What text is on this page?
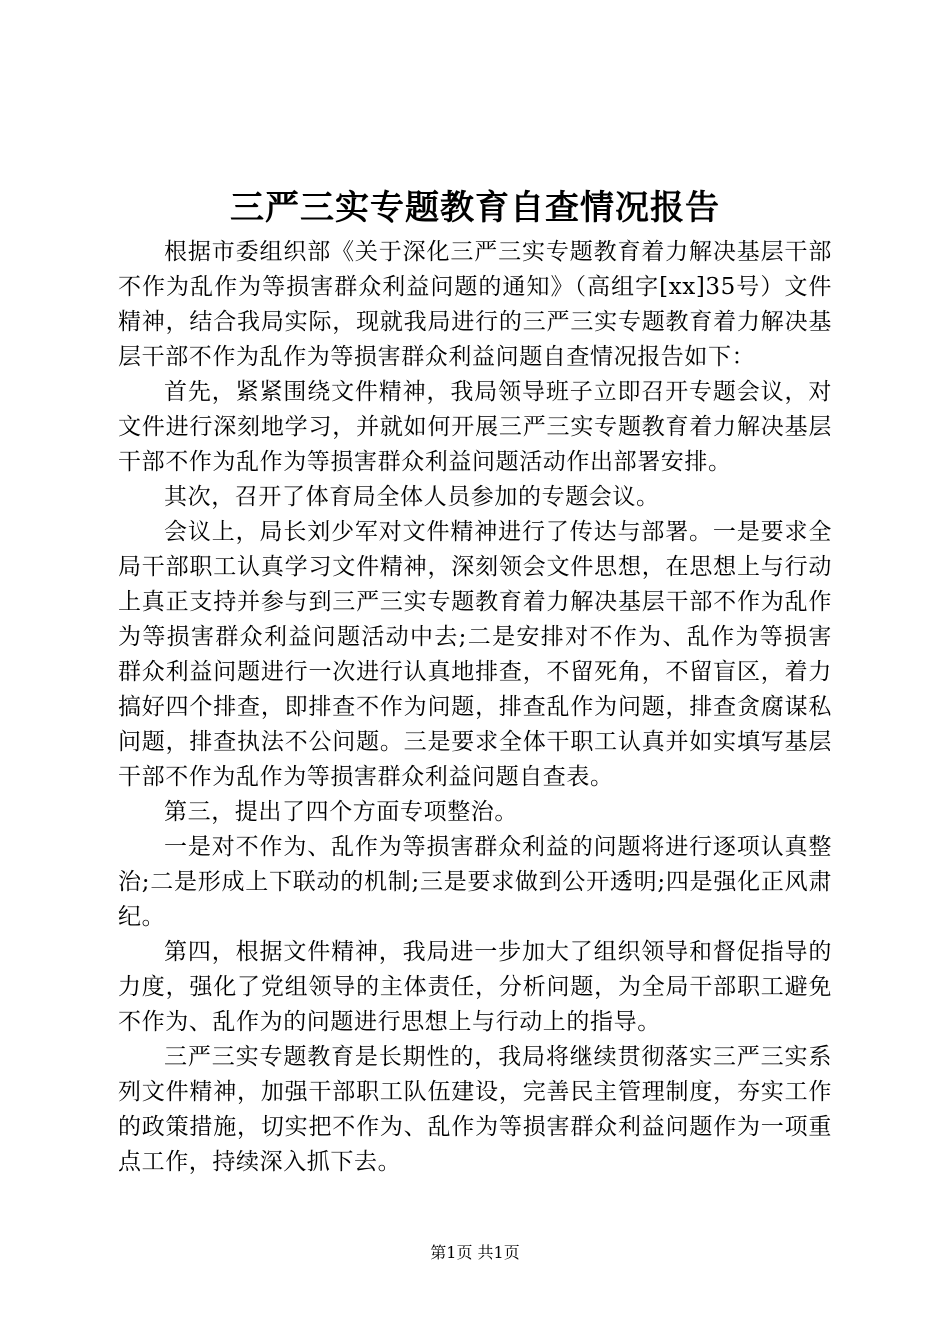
三严三实专题教育自查情况报告

根据市委组织部《关于深化三严三实专题教育着力解决基层干部不作为乱作为等损害群众利益问题的通知》（高组字[xx]35号）文件精神，结合我局实际，现就我局进行的三严三实专题教育着力解决基层干部不作为乱作为等损害群众利益问题自查情况报告如下：

首先，紧紧围绕文件精神，我局领导班子立即召开专题会议，对文件进行深刻地学习，并就如何开展三严三实专题教育着力解决基层干部不作为乱作为等损害群众利益问题活动作出部署安排。

其次，召开了体育局全体人员参加的专题会议。

会议上，局长刘少军对文件精神进行了传达与部署。一是要求全局干部职工认真学习文件精神，深刻领会文件思想，在思想上与行动上真正支持并参与到三严三实专题教育着力解决基层干部不作为乱作为等损害群众利益问题活动中去;二是安排对不作为、乱作为等损害群众利益问题进行一次进行认真地排查，不留死角，不留盲区，着力搞好四个排查，即排查不作为问题，排查乱作为问题，排查贪腐谋私问题，排查执法不公问题。三是要求全体干职工认真并如实填写基层干部不作为乱作为等损害群众利益问题自查表。

第三，提出了四个方面专项整治。

一是对不作为、乱作为等损害群众利益的问题将进行逐项认真整治;二是形成上下联动的机制;三是要求做到公开透明;四是强化正风肃纪。

第四，根据文件精神，我局进一步加大了组织领导和督促指导的力度，强化了党组领导的主体责任，分析问题，为全局干部职工避免不作为、乱作为的问题进行思想上与行动上的指导。

三严三实专题教育是长期性的，我局将继续贯彻落实三严三实系列文件精神，加强干部职工队伍建设，完善民主管理制度，夯实工作的政策措施，切实把不作为、乱作为等损害群众利益问题作为一项重点工作，持续深入抓下去。

第1页 共1页
